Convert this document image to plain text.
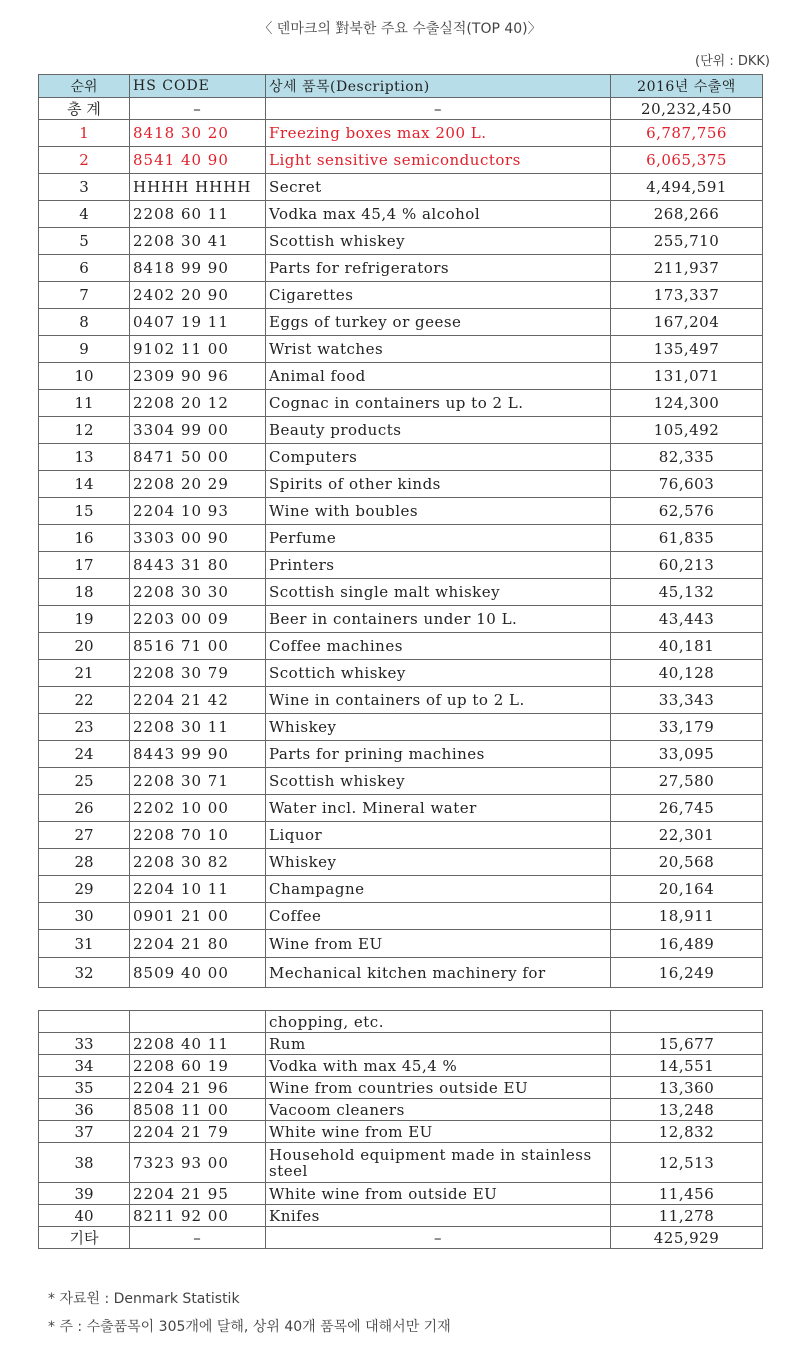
〈 덴마크의 對북한 주요 수출실적(TOP 40)〉
(단위 : DKK)
순위	HS CODE	상세 품목(Description)	2016년 수출액
총 계	–	–	20,232,450
1	8418 30 20	Freezing boxes max 200 L.	6,787,756
2	8541 40 90	Light sensitive semiconductors	6,065,375
3	HHHH HHHH	Secret	4,494,591
4	2208 60 11	Vodka max 45,4 % alcohol	268,266
5	2208 30 41	Scottish whiskey	255,710
6	8418 99 90	Parts for refrigerators	211,937
7	2402 20 90	Cigarettes	173,337
8	0407 19 11	Eggs of turkey or geese	167,204
9	9102 11 00	Wrist watches	135,497
10	2309 90 96	Animal food	131,071
11	2208 20 12	Cognac in containers up to 2 L.	124,300
12	3304 99 00	Beauty products	105,492
13	8471 50 00	Computers	82,335
14	2208 20 29	Spirits of other kinds	76,603
15	2204 10 93	Wine with boubles	62,576
16	3303 00 90	Perfume	61,835
17	8443 31 80	Printers	60,213
18	2208 30 30	Scottish single malt whiskey	45,132
19	2203 00 09	Beer in containers under 10 L.	43,443
20	8516 71 00	Coffee machines	40,181
21	2208 30 79	Scottich whiskey	40,128
22	2204 21 42	Wine in containers of up to 2 L.	33,343
23	2208 30 11	Whiskey	33,179
24	8443 99 90	Parts for prining machines	33,095
25	2208 30 71	Scottish whiskey	27,580
26	2202 10 00	Water incl. Mineral water	26,745
27	2208 70 10	Liquor	22,301
28	2208 30 82	Whiskey	20,568
29	2204 10 11	Champagne	20,164
30	0901 21 00	Coffee	18,911
31	2204 21 80	Wine from EU	16,489
32	8509 40 00	Mechanical kitchen machinery for	16,249

		chopping, etc.	
33	2208 40 11	Rum	15,677
34	2208 60 19	Vodka with max 45,4 %	14,551
35	2204 21 96	Wine from countries outside EU	13,360
36	8508 11 00	Vacoom cleaners	13,248
37	2204 21 79	White wine from EU	12,832
38	7323 93 00	Household equipment made in stainless steel	12,513
39	2204 21 95	White wine from outside EU	11,456
40	8211 92 00	Knifes	11,278
기타	–	–	425,929
* 자료원 : Denmark Statistik
* 주 : 수출품목이 305개에 달해, 상위 40개 품목에 대해서만 기재
